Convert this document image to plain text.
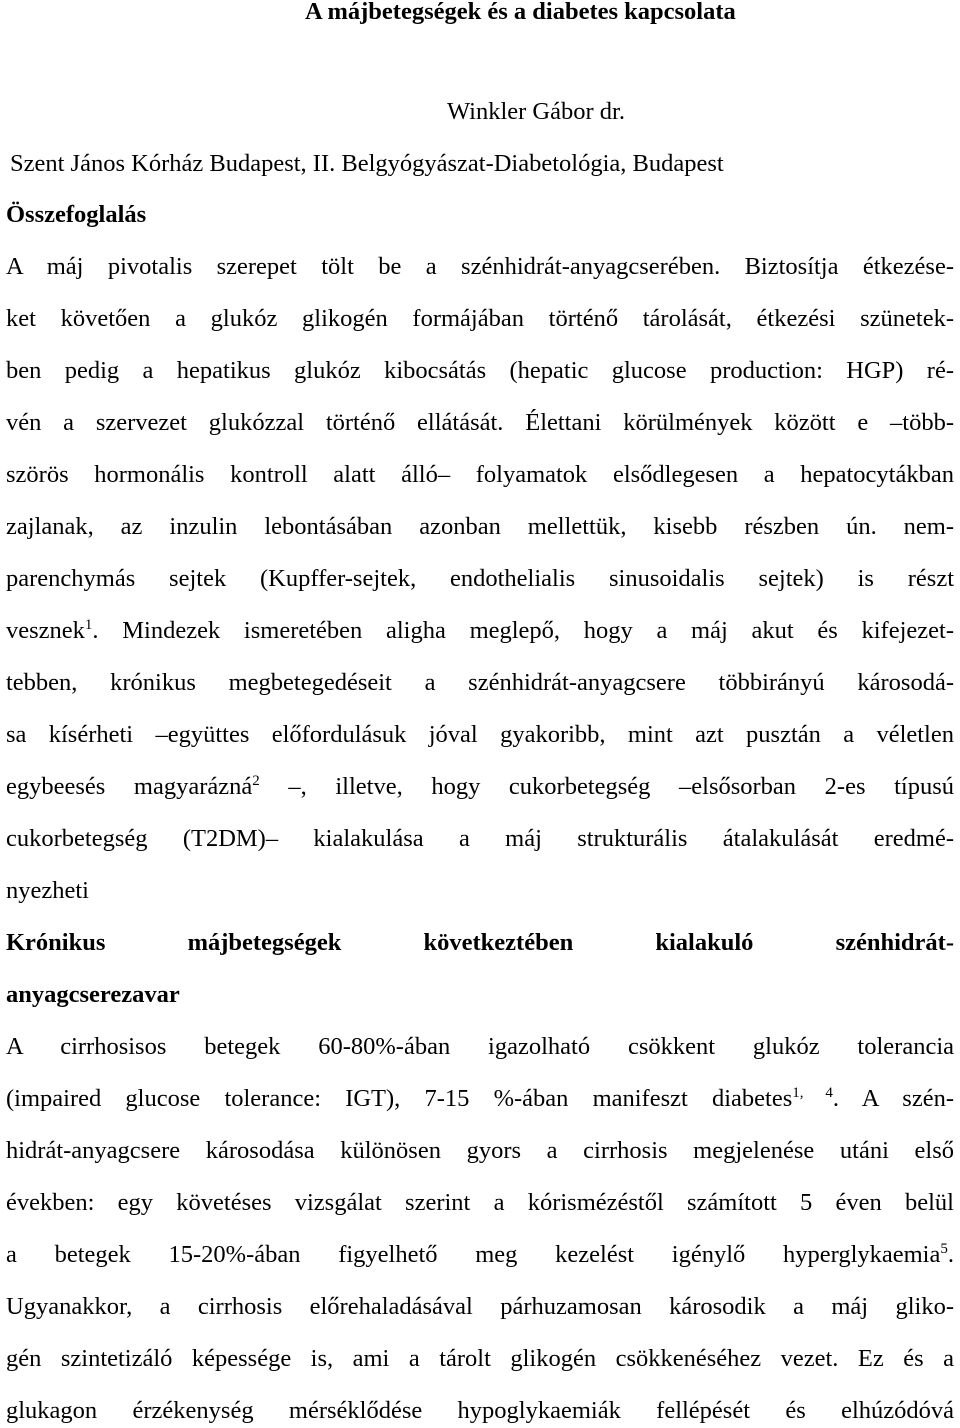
A májbetegségek és a diabetes kapcsolata
Winkler Gábor dr.
Szent János Kórház Budapest, II. Belgyógyászat-Diabetológia, Budapest
Összefoglalás
A máj pivotalis szerepet tölt be a szénhidrát-anyagcserében. Biztosítja étkezése-
ket követően a glukóz glikogén formájában történő tárolását, étkezési szünetek-
ben pedig a hepatikus glukóz kibocsátás (hepatic glucose production: HGP) ré-
vén a szervezet glukózzal történő ellátását. Élettani körülmények között e –több-
szörös hormonális kontroll alatt álló– folyamatok elsődlegesen a hepatocytákban
zajlanak, az inzulin lebontásában azonban mellettük, kisebb részben ún. nem-
parenchymás sejtek (Kupffer-sejtek, endothelialis sinusoidalis sejtek) is részt
vesznek$^1$. Mindezek ismeretében aligha meglepő, hogy a máj akut és kifejezet-
tebben, krónikus megbetegedéseit a szénhidrát-anyagcsere többirányú károsodá-
sa kísérheti –együttes előfordulásuk jóval gyakoribb, mint azt pusztán a véletlen
egybeesés magyarázná$^2$ –, illetve, hogy cukorbetegség –elsősorban 2-es típusú
cukorbetegség (T2DM)– kialakulása a máj strukturális átalakulását eredmé-
nyezheti
Krónikus májbetegségek következtében kialakuló szénhidrát-
anyagcserezavar
A cirrhosisos betegek 60-80%-ában igazolható csökkent glukóz tolerancia
(impaired glucose tolerance: IGT), 7-15 %-ában manifeszt diabetes$^{1, 4}$. A szén-
hidrát-anyagcsere károsodása különösen gyors a cirrhosis megjelenése utáni első
években: egy követéses vizsgálat szerint a kórismézéstől számított 5 éven belül
a betegek 15-20%-ában figyelhető meg kezelést igénylő hyperglykaemia$^5$.
Ugyanakkor, a cirrhosis előrehaladásával párhuzamosan károsodik a máj gliko-
gén szintetizáló képessége is, ami a tárolt glikogén csökkenéséhez vezet. Ez és a
glukagon érzékenység mérséklődése hypoglykaemiák fellépését és elhúzódóvá
